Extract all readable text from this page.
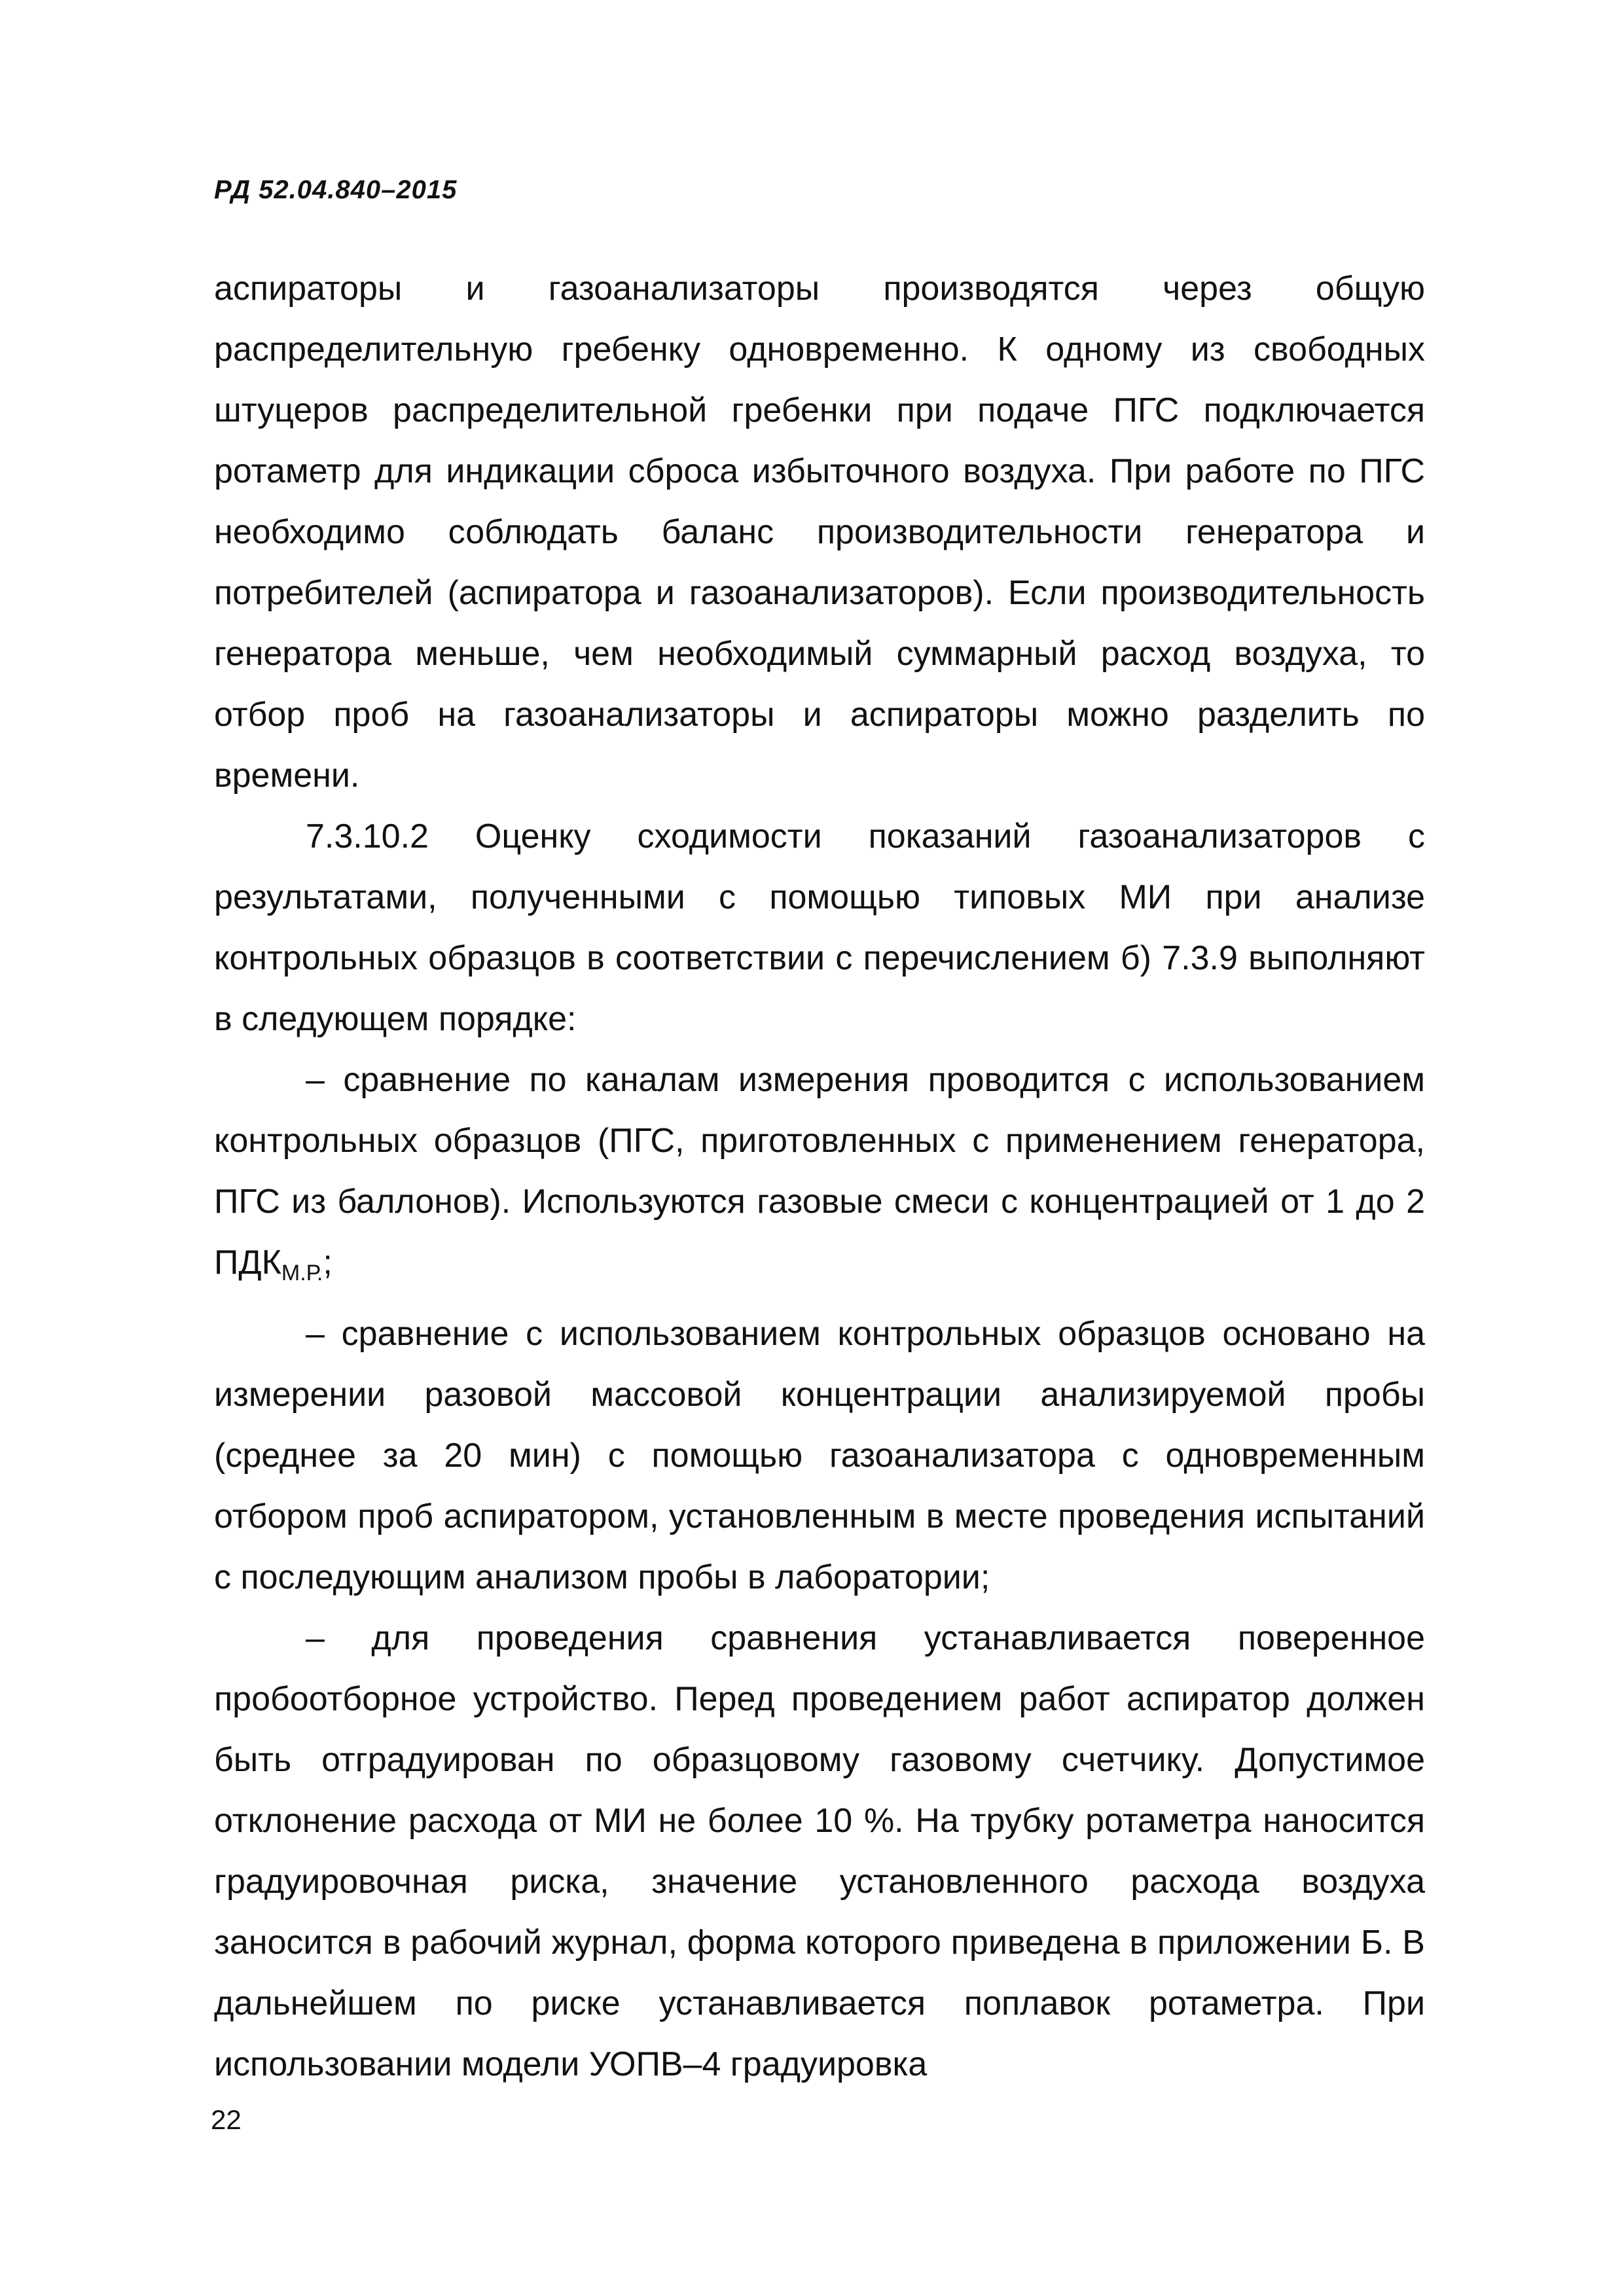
РД 52.04.840–2015

аспираторы и газоанализаторы производятся через общую распределительную гребенку одновременно. К одному из свободных штуцеров распределительной гребенки при подаче ПГС подключается ротаметр для индикации сброса избыточного воздуха. При работе по ПГС необходимо соблюдать баланс производительности генератора и потребителей (аспиратора и газоанализаторов). Если производительность генератора меньше, чем необходимый суммарный расход воздуха, то отбор проб на газоанализаторы и аспираторы можно разделить по времени.

7.3.10.2 Оценку сходимости показаний газоанализаторов с результатами, полученными с помощью типовых МИ при анализе контрольных образцов в соответствии с перечислением б) 7.3.9 выполняют в следующем порядке:

– сравнение по каналам измерения проводится с использованием контрольных образцов (ПГС, приготовленных с применением генератора, ПГС из баллонов). Используются газовые смеси с концентрацией от 1 до 2 $ПДК_{М.Р.}$;

– сравнение с использованием контрольных образцов основано на измерении разовой массовой концентрации анализируемой пробы (среднее за 20 мин) с помощью газоанализатора с одновременным отбором проб аспиратором, установленным в месте проведения испытаний с последующим анализом пробы в лаборатории;

– для проведения сравнения устанавливается поверенное пробоотборное устройство. Перед проведением работ аспиратор должен быть отградуирован по образцовому газовому счетчику. Допустимое отклонение расхода от МИ не более 10 %. На трубку ротаметра наносится градуировочная риска, значение установленного расхода воздуха заносится в рабочий журнал, форма которого приведена в приложении Б. В дальнейшем по риске устанавливается поплавок ротаметра. При использовании модели УОПВ–4 градуировка

22
